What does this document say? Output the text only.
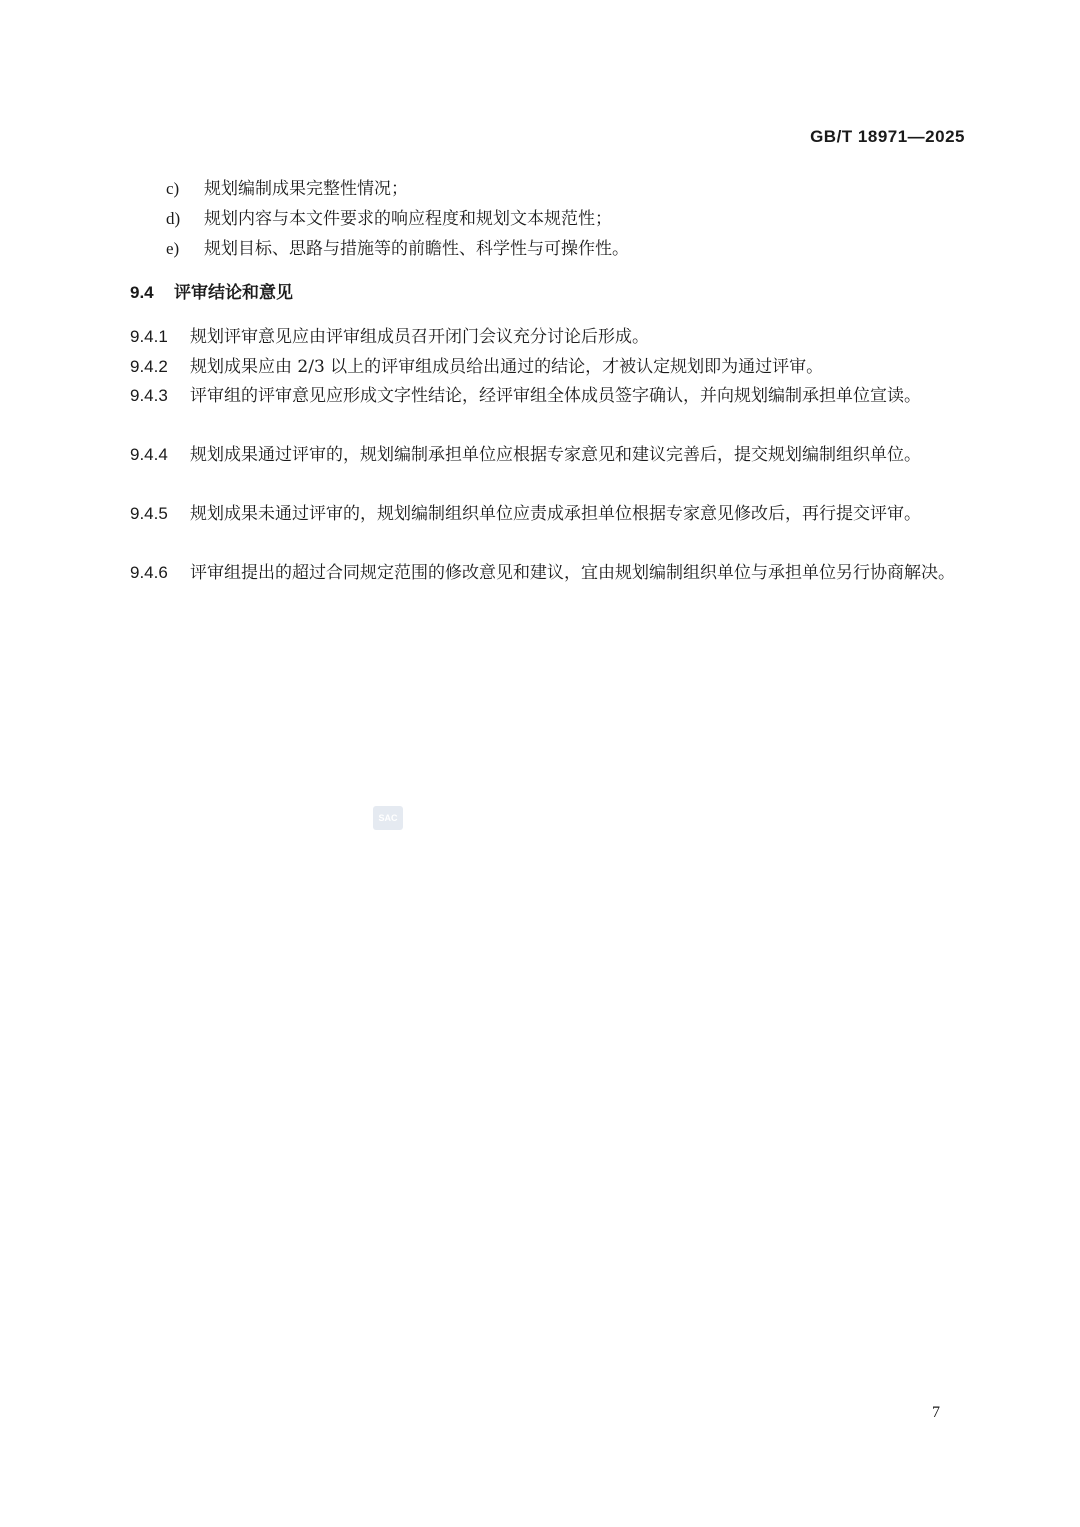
GB/T 18971—2025
c) 规划编制成果完整性情况；
d) 规划内容与本文件要求的响应程度和规划文本规范性；
e) 规划目标、思路与措施等的前瞻性、科学性与可操作性。
9.4 评审结论和意见
9.4.1 规划评审意见应由评审组成员召开闭门会议充分讨论后形成。
9.4.2 规划成果应由 2/3 以上的评审组成员给出通过的结论，才被认定规划即为通过评审。
9.4.3 评审组的评审意见应形成文字性结论，经评审组全体成员签字确认，并向规划编制承担单位宣读。
9.4.4 规划成果通过评审的，规划编制承担单位应根据专家意见和建议完善后，提交规划编制组织单位。
9.4.5 规划成果未通过评审的，规划编制组织单位应责成承担单位根据专家意见修改后，再行提交评审。
9.4.6 评审组提出的超过合同规定范围的修改意见和建议，宜由规划编制组织单位与承担单位另行协商解决。
SAC
7
